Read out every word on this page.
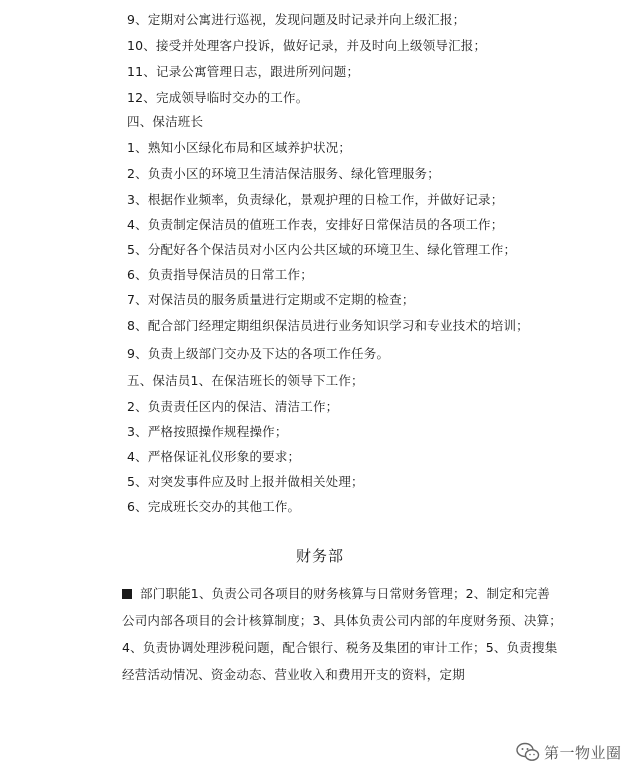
9、定期对公寓进行巡视，发现问题及时记录并向上级汇报；
10、接受并处理客户投诉，做好记录，并及时向上级领导汇报；
11、记录公寓管理日志，跟进所列问题；
12、完成领导临时交办的工作。
四、保洁班长
1、熟知小区绿化布局和区域养护状况；
2、负责小区的环境卫生清洁保洁服务、绿化管理服务；
3、根据作业频率，负责绿化，景观护理的日检工作，并做好记录；
4、负责制定保洁员的值班工作表，安排好日常保洁员的各项工作；
5、分配好各个保洁员对小区内公共区域的环境卫生、绿化管理工作；
6、负责指导保洁员的日常工作；
7、对保洁员的服务质量进行定期或不定期的检查；
8、配合部门经理定期组织保洁员进行业务知识学习和专业技术的培训；
9、负责上级部门交办及下达的各项工作任务。
五、保洁员1、在保洁班长的领导下工作；
2、负责责任区内的保洁、清洁工作；
3、严格按照操作规程操作；
4、严格保证礼仪形象的要求；
5、对突发事件应及时上报并做相关处理；
6、完成班长交办的其他工作。
财务部
部门职能1、负责公司各项目的财务核算与日常财务管理；2、制定和完善公司内部各项目的会计核算制度；3、具体负责公司内部的年度财务预、决算；4、负责协调处理涉税问题，配合银行、税务及集团的审计工作；5、负责搜集经营活动情况、资金动态、营业收入和费用开支的资料，定期
第一物业圈
